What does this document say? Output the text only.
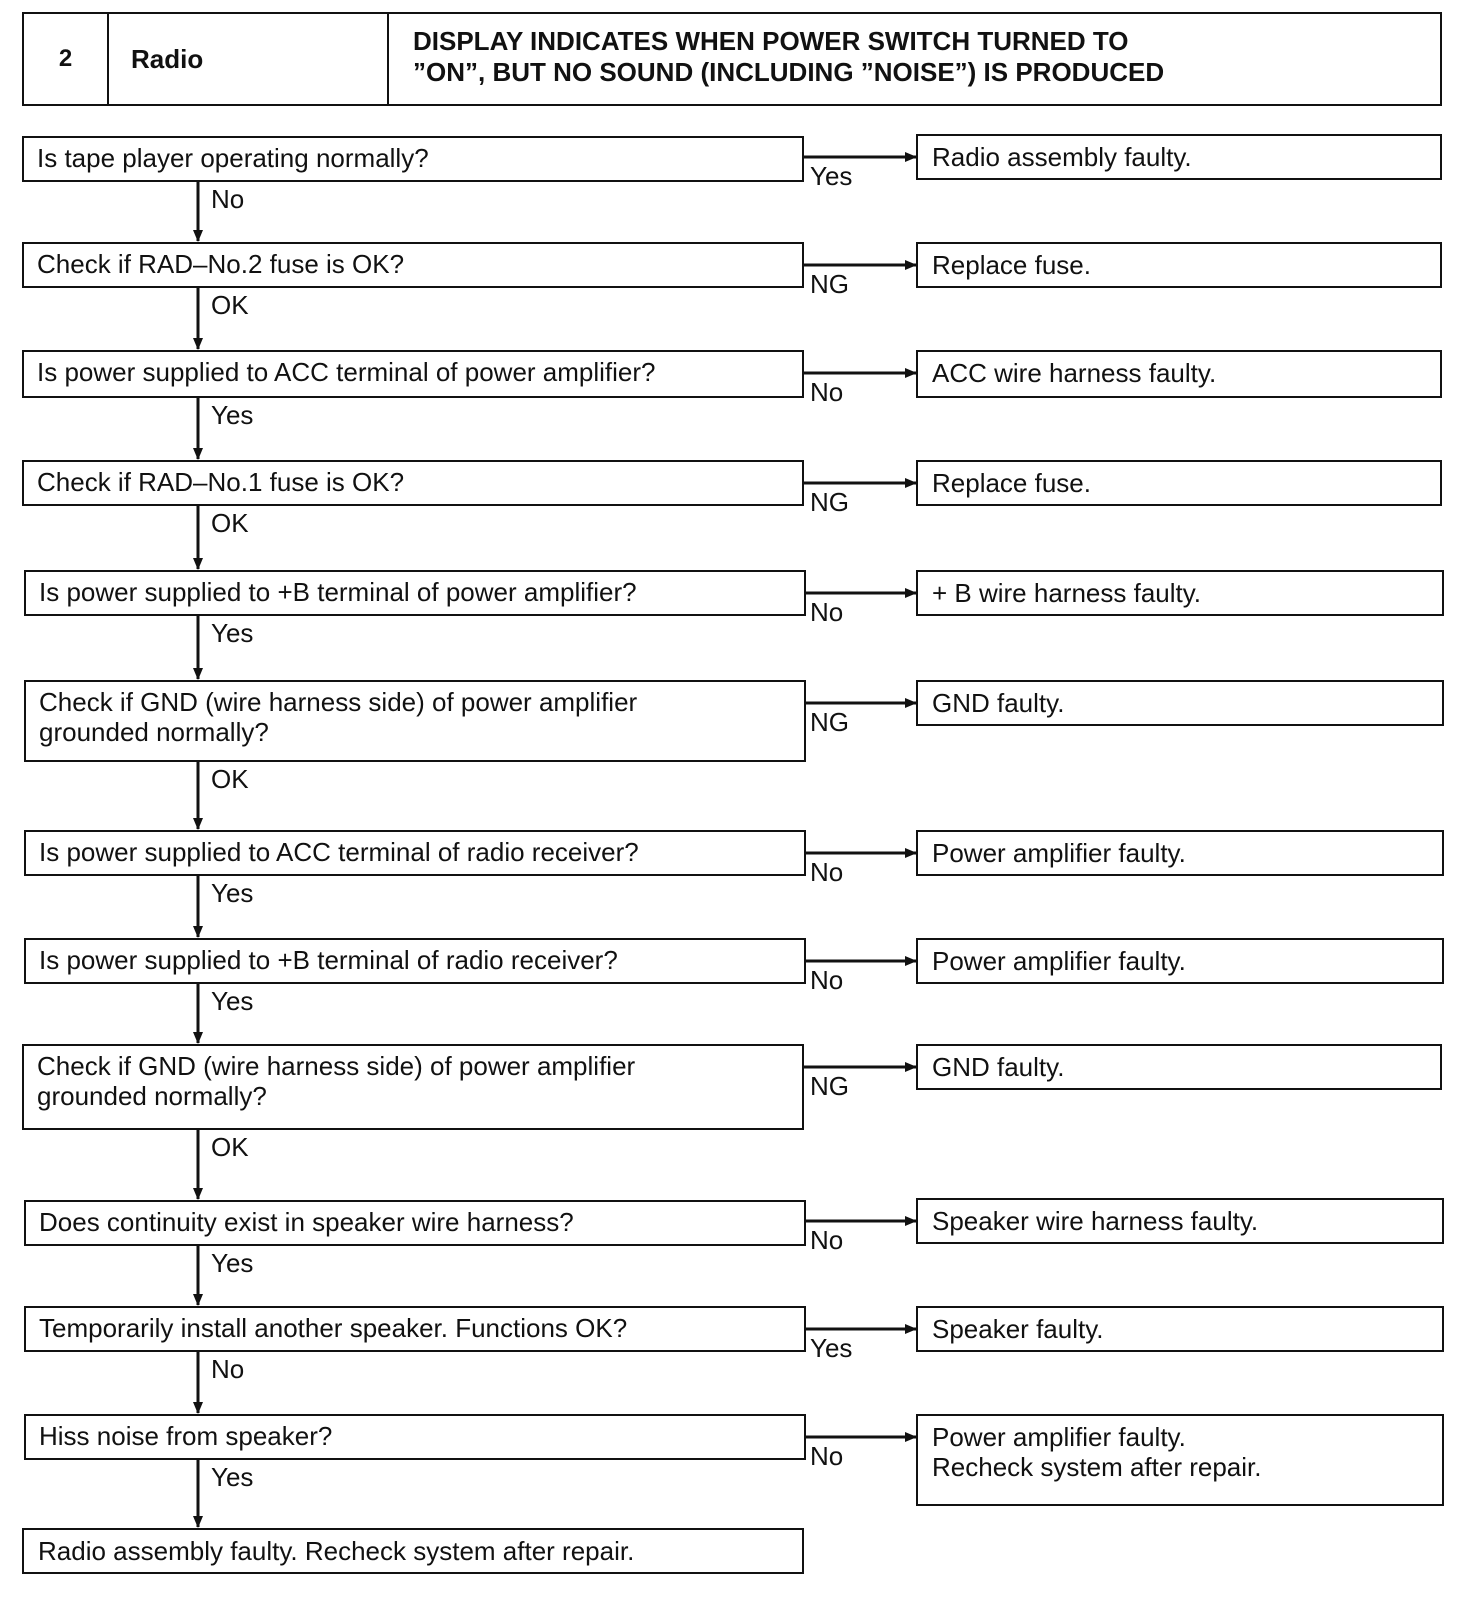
2	Radio
DISPLAY INDICATES WHEN POWER SWITCH TURNED TO
”ON”, BUT NO SOUND (INCLUDING ”NOISE”) IS PRODUCED
Is tape player operating normally?	Radio assembly faulty.
Yes
No
Check if RAD–No.2 fuse is OK?	Replace fuse.
NG
OK
Is power supplied to ACC terminal of power amplifier?	ACC wire harness faulty.
No
Yes
Check if RAD–No.1 fuse is OK?	Replace fuse.
NG
OK
Is power supplied to +B terminal of power amplifier?	+ B wire harness faulty.
No
Yes
Check if GND (wire harness side) of power amplifier
grounded normally?
GND faulty.
NG
OK
Is power supplied to ACC terminal of radio receiver?	Power amplifier faulty.
No
Yes
Is power supplied to +B terminal of radio receiver?	Power amplifier faulty.
No
Yes
Check if GND (wire harness side) of power amplifier
grounded normally?
GND faulty.
NG
OK
Does continuity exist in speaker wire harness?	Speaker wire harness faulty.
No
Yes
Temporarily install another speaker. Functions OK?	Speaker faulty.
Yes
No
Hiss noise from speaker?	Power amplifier faulty.
Recheck system after repair.
No
Yes
Radio assembly faulty. Recheck system after repair.
